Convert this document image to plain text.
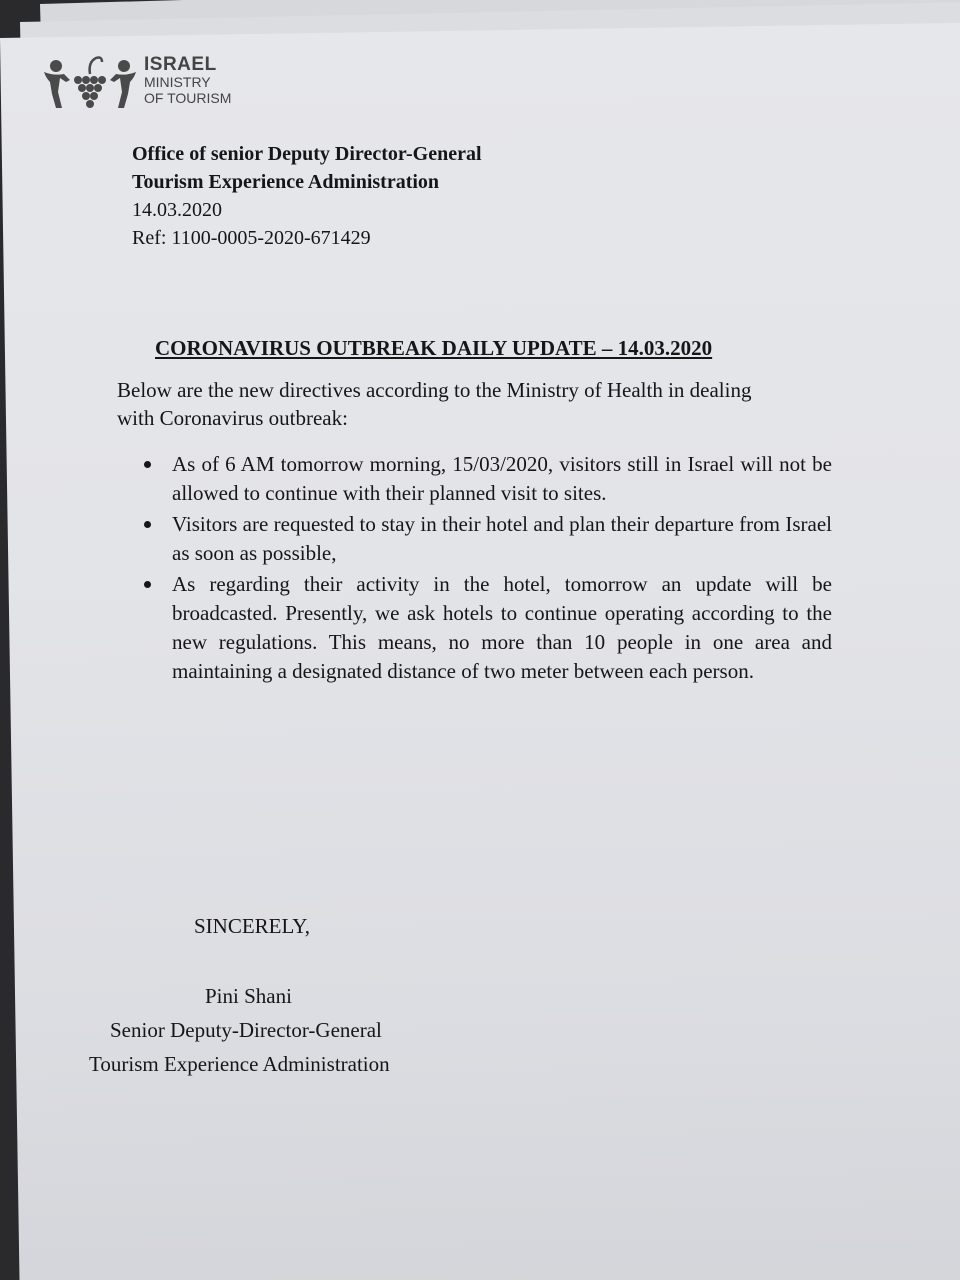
ISRAEL
MINISTRY
OF TOURISM
Office of senior Deputy Director-General
Tourism Experience Administration
14.03.2020
Ref: 1100-0005-2020-671429
CORONAVIRUS OUTBREAK DAILY UPDATE – 14.03.2020
Below are the new directives according to the Ministry of Health in dealing with Coronavirus outbreak:
As of 6 AM tomorrow morning, 15/03/2020, visitors still in Israel will not be allowed to continue with their planned visit to sites.
Visitors are requested to stay in their hotel and plan their departure from Israel as soon as possible,
As regarding their activity in the hotel, tomorrow an update will be broadcasted. Presently, we ask hotels to continue operating according to the new regulations. This means, no more than 10 people in one area and maintaining a designated distance of two meter between each person.
SINCERELY,
Pini Shani
Senior Deputy-Director-General
Tourism Experience Administration
